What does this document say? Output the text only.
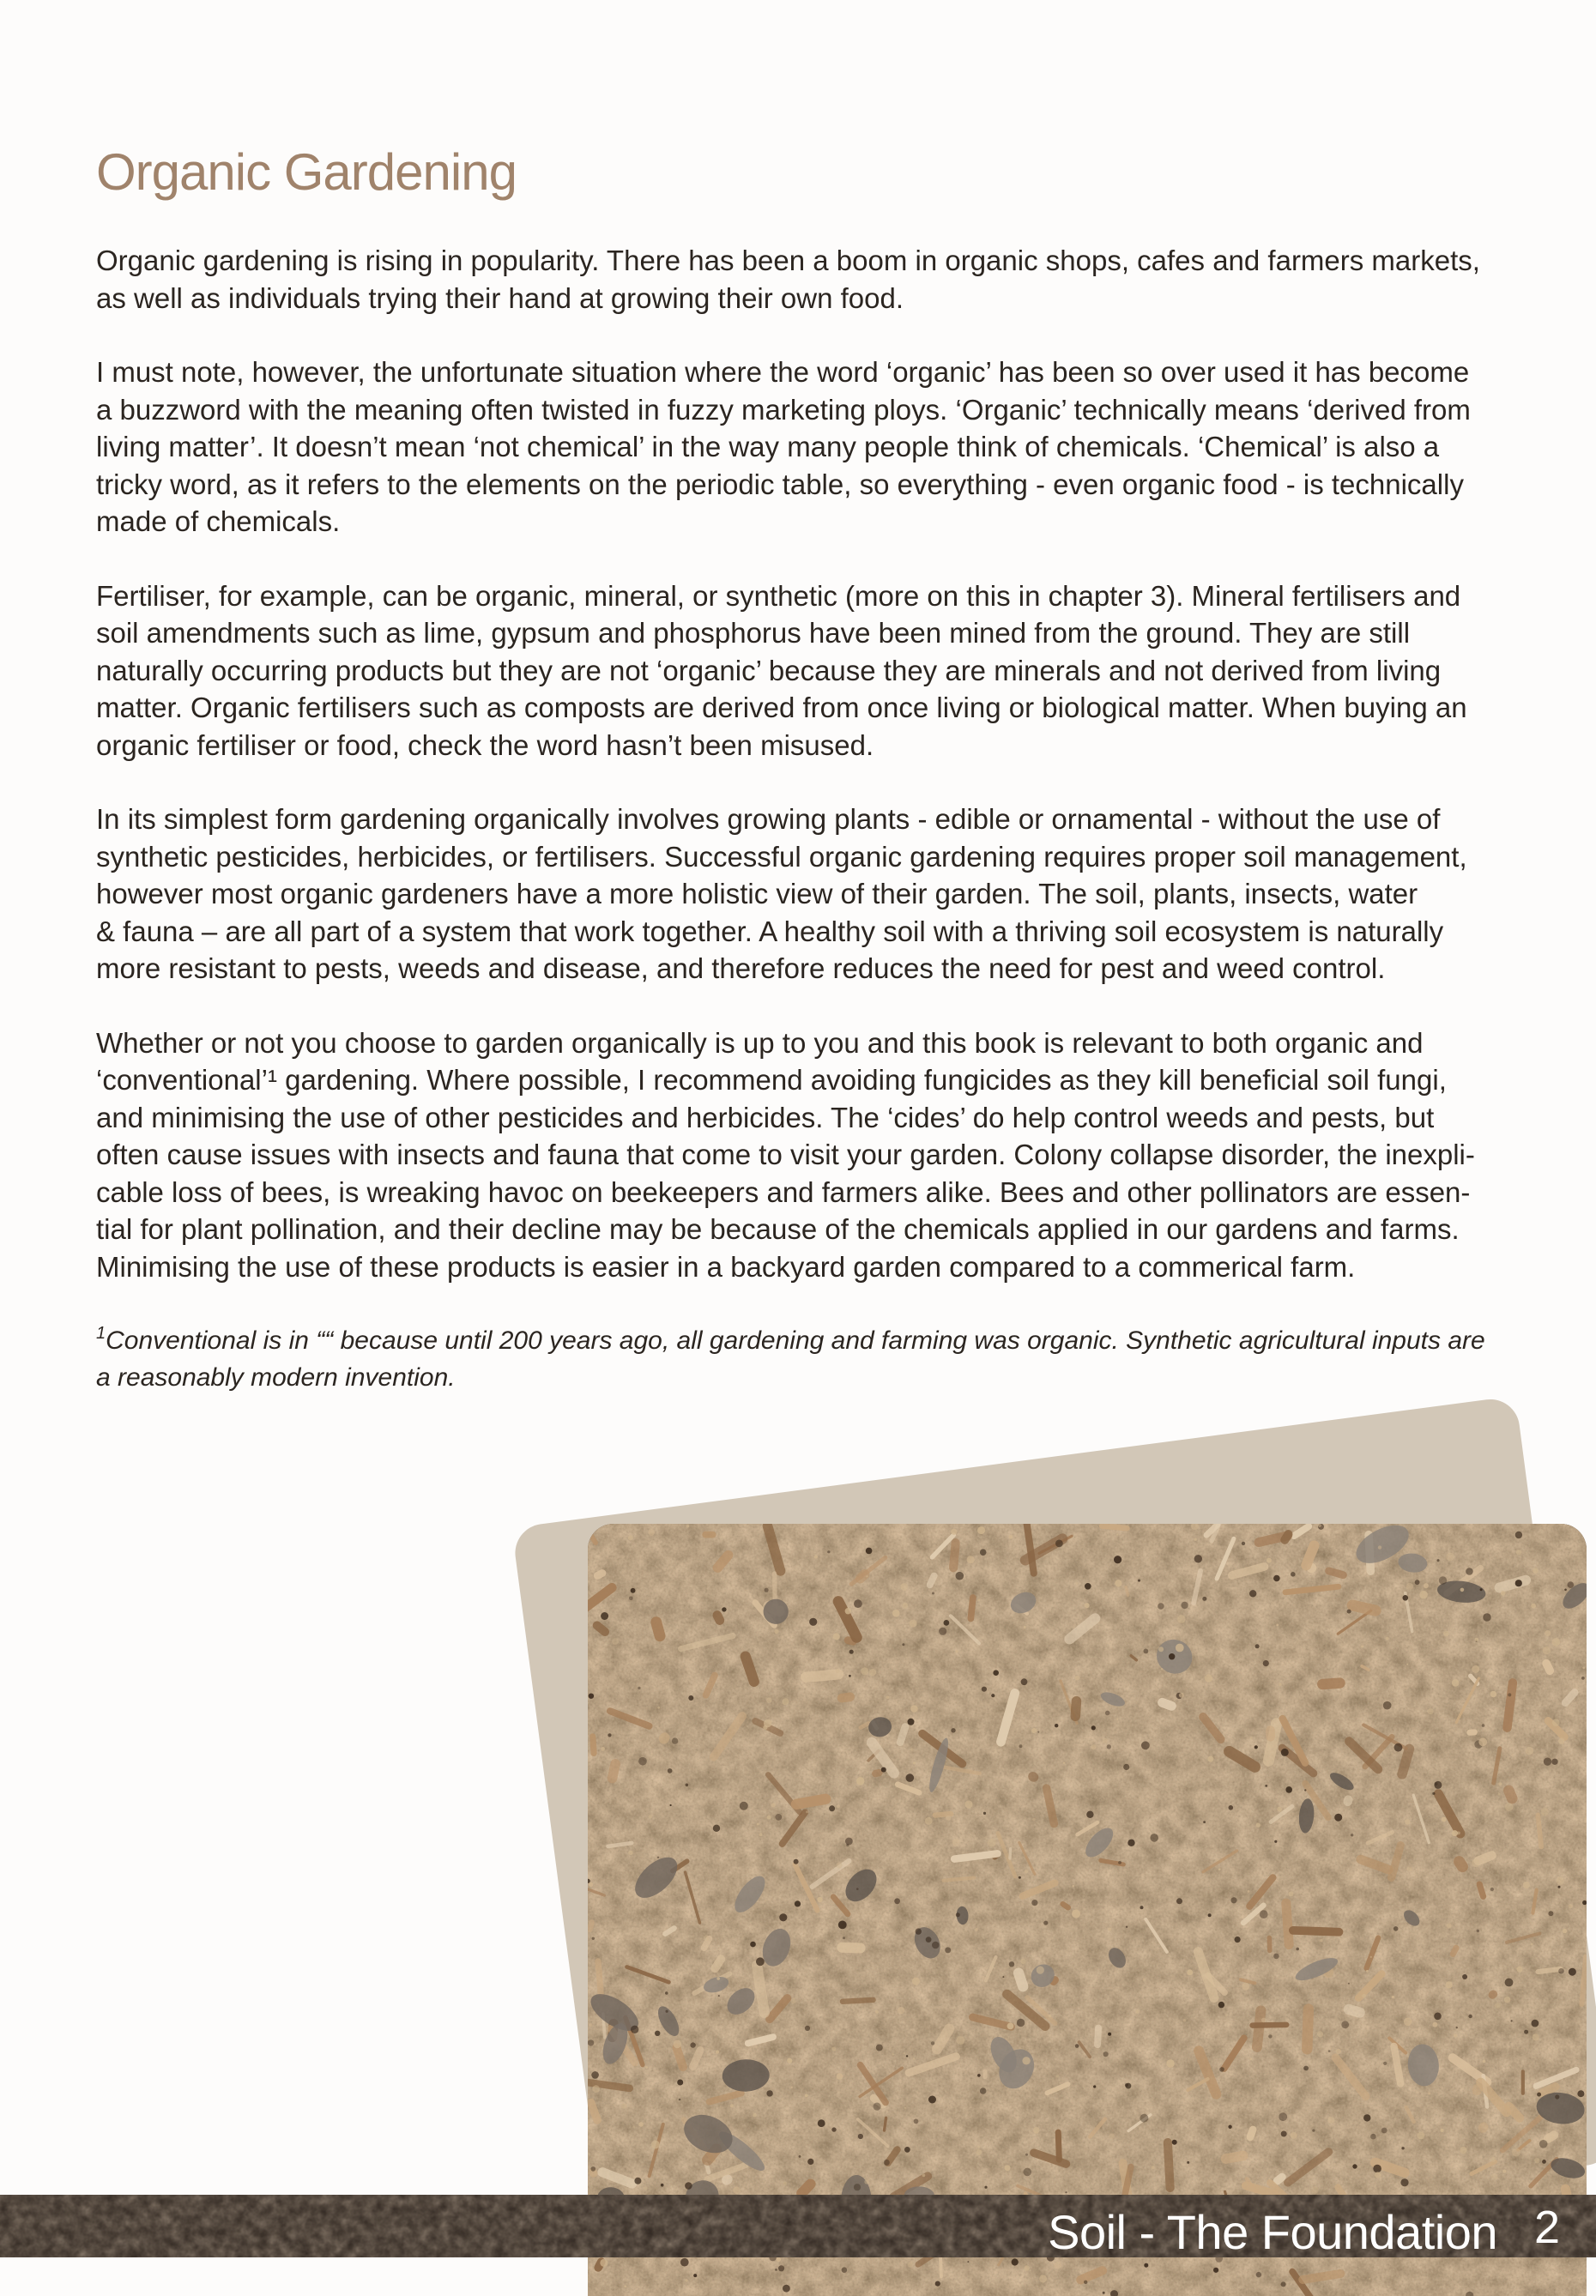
Organic Gardening

Organic gardening is rising in popularity. There has been a boom in organic shops, cafes and farmers markets,
as well as individuals trying their hand at growing their own food.

I must note, however, the unfortunate situation where the word ‘organic’ has been so over used it has become
a buzzword with the meaning often twisted in fuzzy marketing ploys. ‘Organic’ technically means ‘derived from
living matter’. It doesn’t mean ‘not chemical’ in the way many people think of chemicals. ‘Chemical’ is also a
tricky word, as it refers to the elements on the periodic table, so everything - even organic food - is technically
made of chemicals.

Fertiliser, for example, can be organic, mineral, or synthetic (more on this in chapter 3). Mineral fertilisers and
soil amendments such as lime, gypsum and phosphorus have been mined from the ground. They are still
naturally occurring products but they are not ‘organic’ because they are minerals and not derived from living
matter. Organic fertilisers such as composts are derived from once living or biological matter. When buying an
organic fertiliser or food, check the word hasn’t been misused.

In its simplest form gardening organically involves growing plants - edible or ornamental - without the use of
synthetic pesticides, herbicides, or fertilisers. Successful organic gardening requires proper soil management,
however most organic gardeners have a more holistic view of their garden. The soil, plants, insects, water
& fauna – are all part of a system that work together. A healthy soil with a thriving soil ecosystem is naturally
more resistant to pests, weeds and disease, and therefore reduces the need for pest and weed control.

Whether or not you choose to garden organically is up to you and this book is relevant to both organic and
‘conventional’¹ gardening. Where possible, I recommend avoiding fungicides as they kill beneficial soil fungi,
and minimising the use of other pesticides and herbicides. The ‘cides’ do help control weeds and pests, but
often cause issues with insects and fauna that come to visit your garden. Colony collapse disorder, the inexpli-
cable loss of bees, is wreaking havoc on beekeepers and farmers alike. Bees and other pollinators are essen-
tial for plant pollination, and their decline may be because of the chemicals applied in our gardens and farms.
Minimising the use of these products is easier in a backyard garden compared to a commerical farm.

$^1$Conventional is in ““ because until 200 years ago, all gardening and farming was organic. Synthetic agricultural inputs are
a reasonably modern invention.

Soil - The Foundation 2
